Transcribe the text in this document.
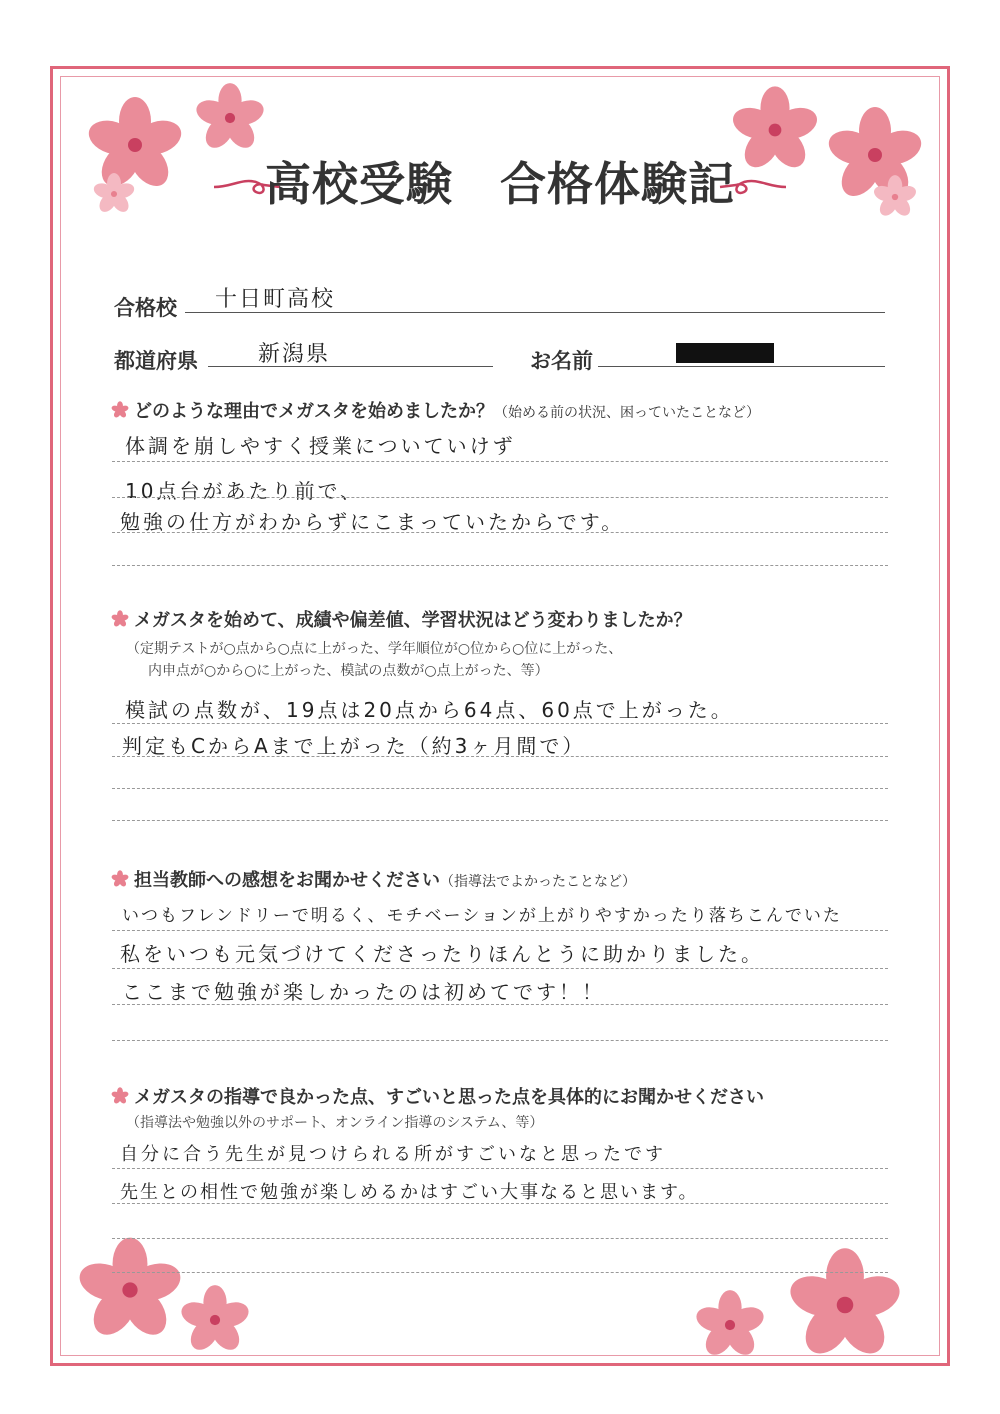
高校受験　合格体験記
合格校 十日町高校
都道府県	新潟県	お名前
どのような理由でメガスタを始めましたか？（始める前の状況、困っていたことなど）
体調を崩しやすく授業についていけず
10点台があたり前で、
勉強の仕方がわからずにこまっていたからです。
メガスタを始めて、成績や偏差値、学習状況はどう変わりましたか？
（定期テストが○点から○点に上がった、学年順位が○位から○位に上がった、
内申点が○から○に上がった、模試の点数が○点上がった、等）
模試の点数が、19点は20点から64点、60点で上がった。
判定もCからAまで上がった（約3ヶ月間で）
担当教師への感想をお聞かせください（指導法でよかったことなど）
いつもフレンドリーで明るく、モチベーションが上がりやすかったり落ちこんでいた
私をいつも元気づけてくださったりほんとうに助かりました。
ここまで勉強が楽しかったのは初めてです！！
メガスタの指導で良かった点、すごいと思った点を具体的にお聞かせください
（指導法や勉強以外のサポート、オンライン指導のシステム、等）
自分に合う先生が見つけられる所がすごいなと思ったです
先生との相性で勉強が楽しめるかはすごい大事なると思います。
